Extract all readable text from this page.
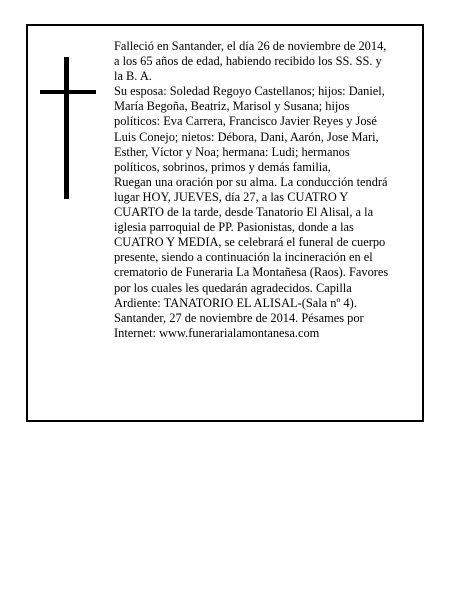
Falleció en Santander, el día 26 de noviembre de 2014,

a los 65 años de edad, habiendo recibido los SS. SS. y

la B. A.

Su esposa: Soledad Regoyo Castellanos; hijos: Daniel,

María Begoña, Beatriz, Marisol y Susana; hijos

políticos: Eva Carrera, Francisco Javier Reyes y José

Luis Conejo; nietos: Débora, Dani, Aarón, Jose Mari,

Esther, Víctor y Noa; hermana: Ludi; hermanos

políticos, sobrinos, primos y demás familia,

Ruegan una oración por su alma. La conducción tendrá

lugar HOY, JUEVES, día 27, a las CUATRO Y

CUARTO de la tarde, desde Tanatorio El Alisal, a la

iglesia parroquial de PP. Pasionistas, donde a las

CUATRO Y MEDIA, se celebrará el funeral de cuerpo

presente, siendo a continuación la incineración en el

crematorio de Funeraria La Montañesa (Raos). Favores

por los cuales les quedarán agradecidos. Capilla

Ardiente: TANATORIO EL ALISAL-(Sala nº 4).

Santander, 27 de noviembre de 2014. Pésames por

Internet: www.funerarialamontanesa.com
